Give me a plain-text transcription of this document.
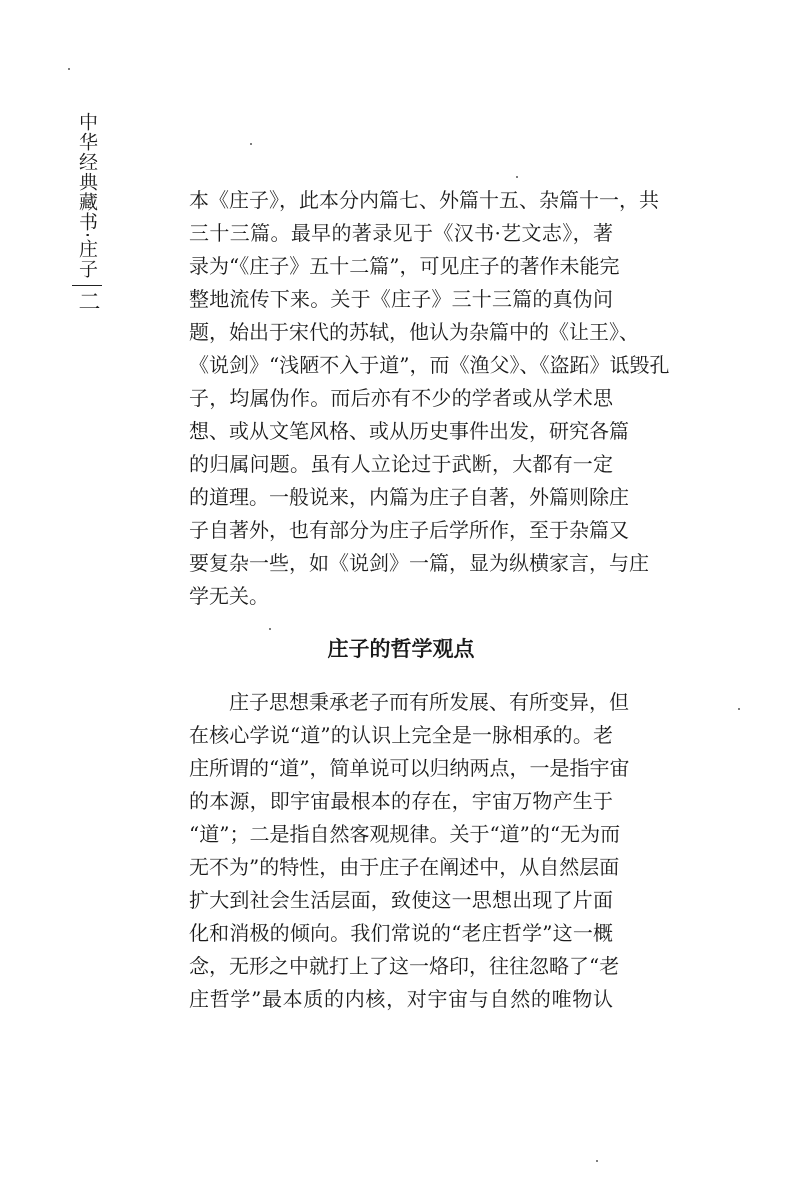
中华经典藏书
·
庄子
二
本《庄子》，此本分内篇七、外篇十五、杂篇十一，共
三十三篇。最早的著录见于《汉书·艺文志》，著
录为“《庄子》五十二篇”，可见庄子的著作未能完
整地流传下来。关于《庄子》三十三篇的真伪问
题，始出于宋代的苏轼，他认为杂篇中的《让王》、
《说剑》“浅陋不入于道”，而《渔父》、《盗跖》诋毁孔
子，均属伪作。而后亦有不少的学者或从学术思
想、或从文笔风格、或从历史事件出发，研究各篇
的归属问题。虽有人立论过于武断，大都有一定
的道理。一般说来，内篇为庄子自著，外篇则除庄
子自著外，也有部分为庄子后学所作，至于杂篇又
要复杂一些，如《说剑》一篇，显为纵横家言，与庄
学无关。
庄子的哲学观点
庄子思想秉承老子而有所发展、有所变异，但
在核心学说“道”的认识上完全是一脉相承的。老
庄所谓的“道”，简单说可以归纳两点，一是指宇宙
的本源，即宇宙最根本的存在，宇宙万物产生于
“道”；二是指自然客观规律。关于“道”的“无为而
无不为”的特性，由于庄子在阐述中，从自然层面
扩大到社会生活层面，致使这一思想出现了片面
化和消极的倾向。我们常说的“老庄哲学”这一概
念，无形之中就打上了这一烙印，往往忽略了“老
庄哲学”最本质的内核，对宇宙与自然的唯物认
